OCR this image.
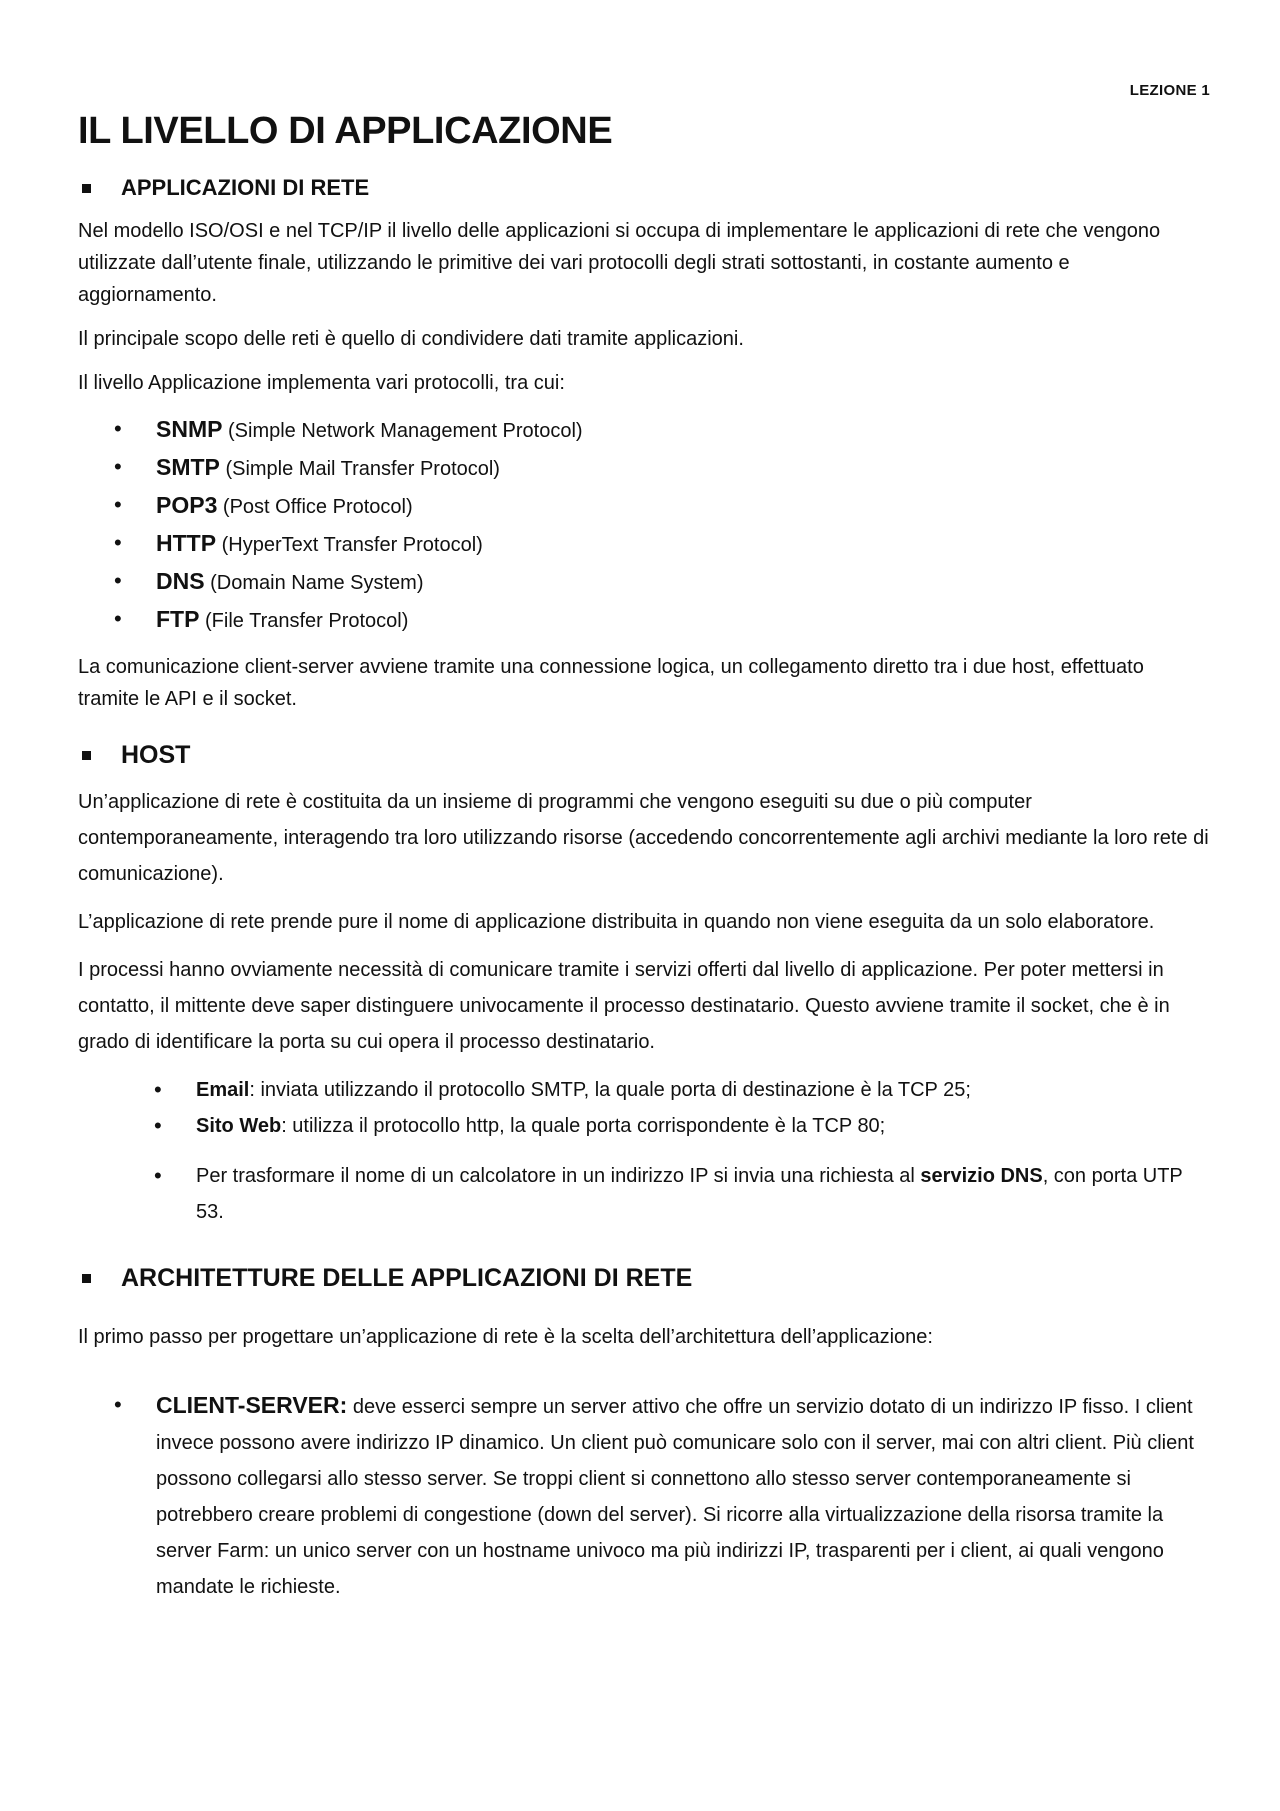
LEZIONE 1
IL LIVELLO DI APPLICAZIONE
APPLICAZIONI DI RETE

Nel modello ISO/OSI e nel TCP/IP il livello delle applicazioni si occupa di implementare le applicazioni di rete che vengono utilizzate dall’utente finale, utilizzando le primitive dei vari protocolli degli strati sottostanti, in costante aumento e aggiornamento.

Il principale scopo delle reti è quello di condividere dati tramite applicazioni.

Il livello Applicazione implementa vari protocolli, tra cui:

• SNMP (Simple Network Management Protocol)
• SMTP (Simple Mail Transfer Protocol)
• POP3 (Post Office Protocol)
• HTTP (HyperText Transfer Protocol)
• DNS (Domain Name System)
• FTP (File Transfer Protocol)

La comunicazione client-server avviene tramite una connessione logica, un collegamento diretto tra i due host, effettuato tramite le API e il socket.

HOST

Un’applicazione di rete è costituita da un insieme di programmi che vengono eseguiti su due o più computer contemporaneamente, interagendo tra loro utilizzando risorse (accedendo concorrentemente agli archivi mediante la loro rete di comunicazione).

L’applicazione di rete prende pure il nome di applicazione distribuita in quando non viene eseguita da un solo elaboratore.

I processi hanno ovviamente necessità di comunicare tramite i servizi offerti dal livello di applicazione. Per poter mettersi in contatto, il mittente deve saper distinguere univocamente il processo destinatario. Questo avviene tramite il socket, che è in grado di identificare la porta su cui opera il processo destinatario.

• Email: inviata utilizzando il protocollo SMTP, la quale porta di destinazione è la TCP 25;
• Sito Web: utilizza il protocollo http, la quale porta corrispondente è la TCP 80;
• Per trasformare il nome di un calcolatore in un indirizzo IP si invia una richiesta al servizio DNS, con porta UTP 53.
ARCHITETTURE DELLE APPLICAZIONI DI RETE

Il primo passo per progettare un’applicazione di rete è la scelta dell’architettura dell’applicazione:

• CLIENT-SERVER: deve esserci sempre un server attivo che offre un servizio dotato di un indirizzo IP fisso. I client invece possono avere indirizzo IP dinamico. Un client può comunicare solo con il server, mai con altri client. Più client possono collegarsi allo stesso server. Se troppi client si connettono allo stesso server contemporaneamente si potrebbero creare problemi di congestione (down del server). Si ricorre alla virtualizzazione della risorsa tramite la server Farm: un unico server con un hostname univoco ma più indirizzi IP, trasparenti per i client, ai quali vengono mandate le richieste.
